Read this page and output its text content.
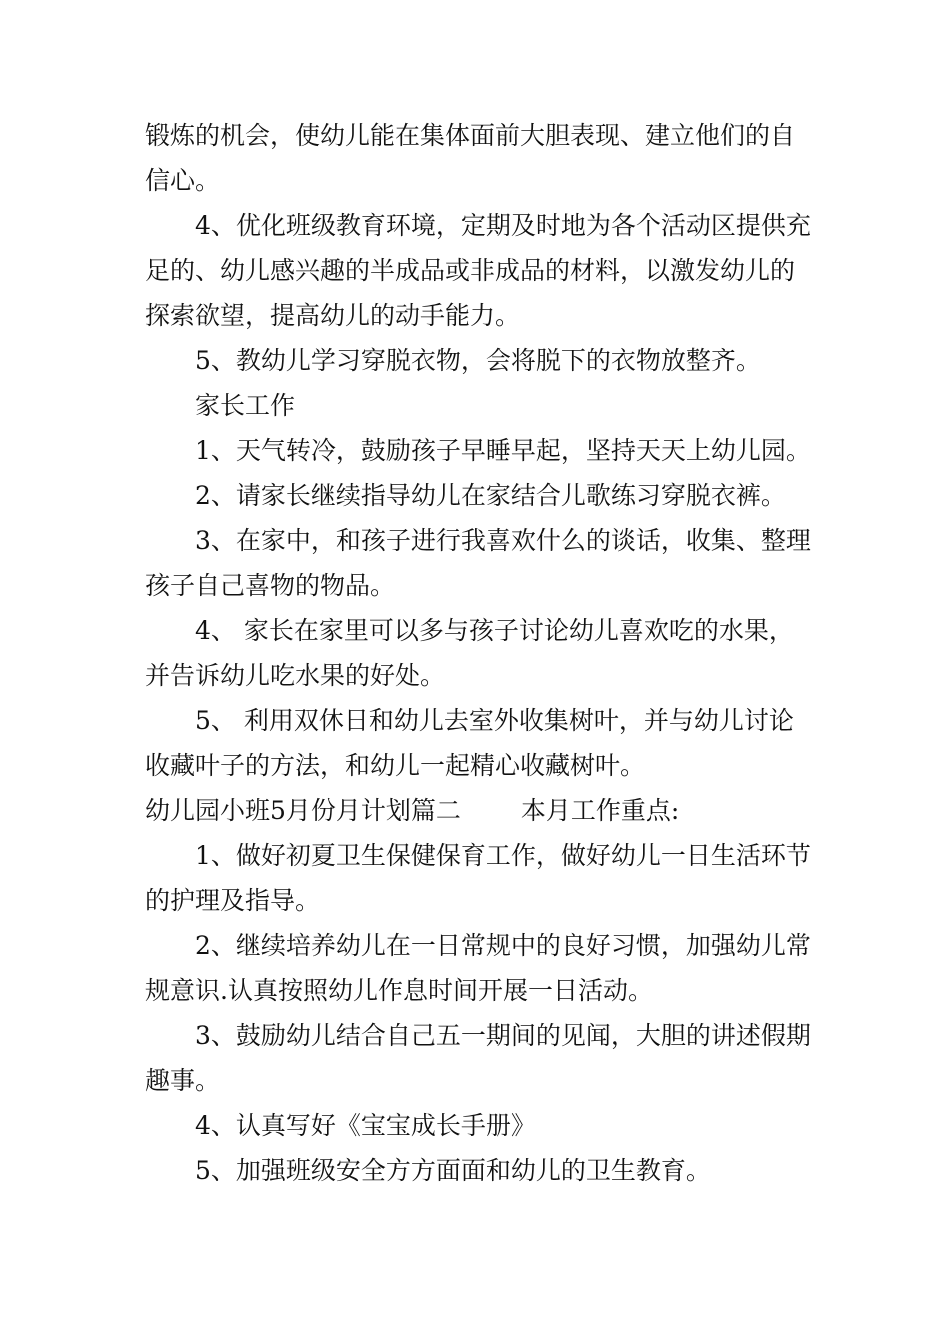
锻炼的机会，使幼儿能在集体面前大胆表现、建立他们的自信心。

4、优化班级教育环境，定期及时地为各个活动区提供充足的、幼儿感兴趣的半成品或非成品的材料，以激发幼儿的探索欲望，提高幼儿的动手能力。

5、教幼儿学习穿脱衣物，会将脱下的衣物放整齐。

家长工作

1、天气转冷，鼓励孩子早睡早起，坚持天天上幼儿园。

2、请家长继续指导幼儿在家结合儿歌练习穿脱衣裤。

3、在家中，和孩子进行我喜欢什么的谈话，收集、整理孩子自己喜物的物品。

4、 家长在家里可以多与孩子讨论幼儿喜欢吃的水果，并告诉幼儿吃水果的好处。

5、 利用双休日和幼儿去室外收集树叶，并与幼儿讨论收藏叶子的方法，和幼儿一起精心收藏树叶。

幼儿园小班5月份月计划篇二 本月工作重点:

1、做好初夏卫生保健保育工作，做好幼儿一日生活环节的护理及指导。

2、继续培养幼儿在一日常规中的良好习惯，加强幼儿常规意识.认真按照幼儿作息时间开展一日活动。

3、鼓励幼儿结合自己五一期间的见闻，大胆的讲述假期趣事。

4、认真写好《宝宝成长手册》

5、加强班级安全方方面面和幼儿的卫生教育。
